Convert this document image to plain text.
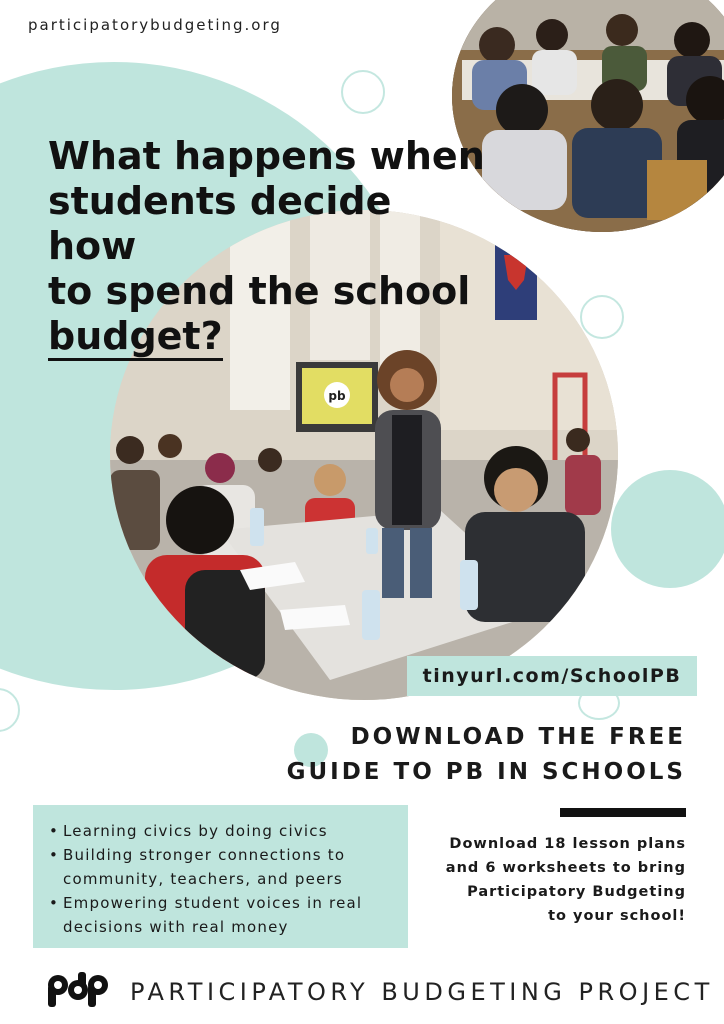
participatorybudgeting.org
pb
What happens when
students decide how
to spend the school
budget?
tinyurl.com/SchoolPB
DOWNLOAD THE FREE
GUIDE TO PB IN SCHOOLS
• Learning civics by doing civics
• Building stronger connections to
community, teachers, and peers
• Empowering student voices in real
decisions with real money
Download 18 lesson plans
and 6 worksheets to bring
Participatory Budgeting
to your school!
PARTICIPATORY BUDGETING PROJECT
